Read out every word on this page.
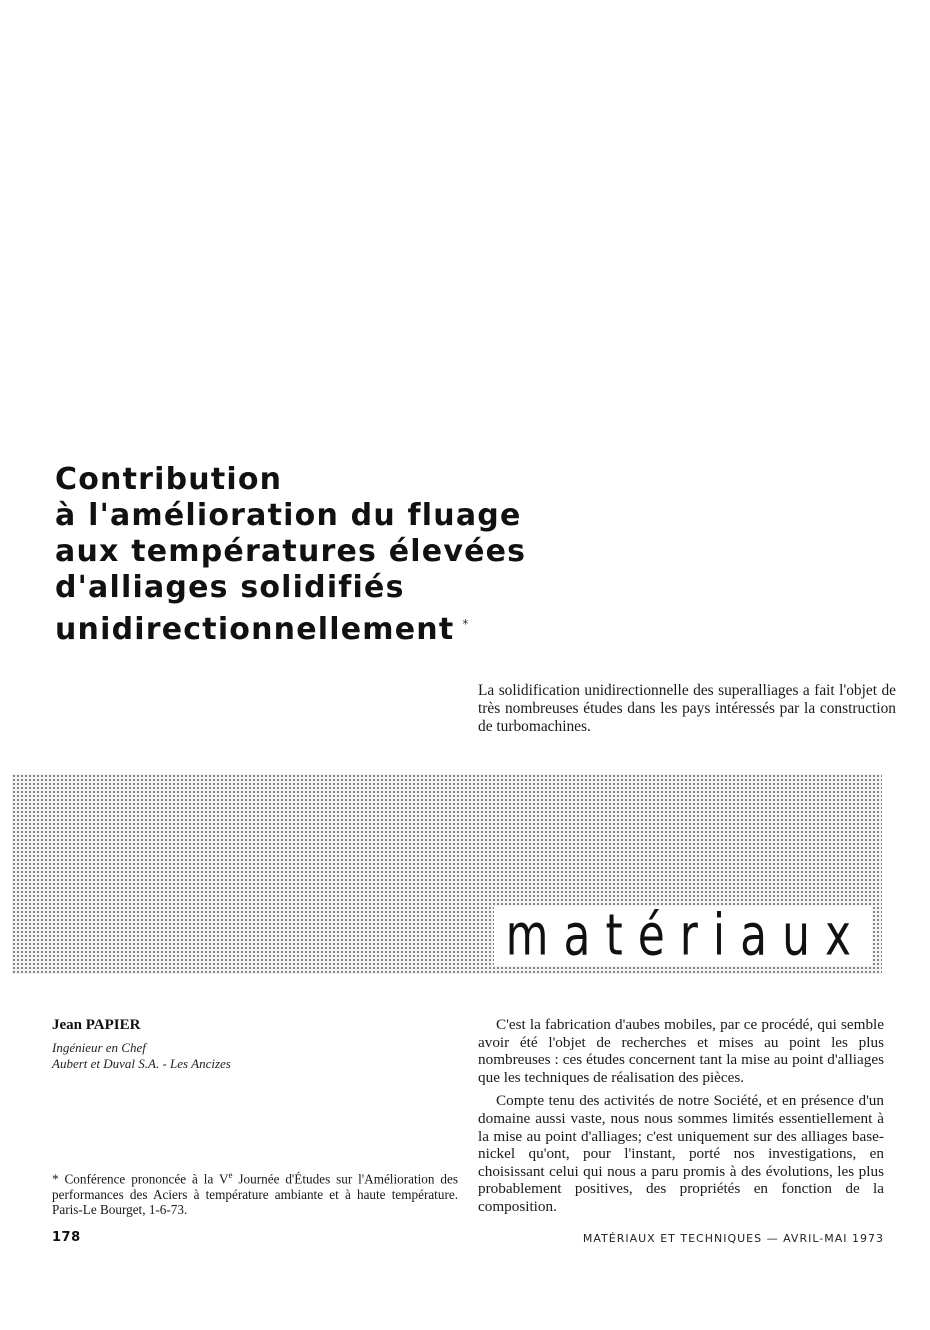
Contribution
à l'amélioration du fluage
aux températures élevées
d'alliages solidifiés
unidirectionnellement *
La solidification unidirectionnelle des superalliages a fait l'objet de très nombreuses études dans les pays intéressés par la construction de turbomachines.
matériaux
Jean PAPIER
Ingénieur en Chef
Aubert et Duval S.A. - Les Ancizes
* Conférence prononcée à la Ve Journée d'Études sur l'Amélioration des performances des Aciers à température ambiante et à haute température. Paris-Le Bourget, 1-6-73.

C'est la fabrication d'aubes mobiles, par ce procédé, qui semble avoir été l'objet de recherches et mises au point les plus nombreuses : ces études concernent tant la mise au point d'alliages que les techniques de réalisation des pièces.

Compte tenu des activités de notre Société, et en présence d'un domaine aussi vaste, nous nous sommes limités essentiellement à la mise au point d'alliages; c'est uniquement sur des alliages base-nickel qu'ont, pour l'instant, porté nos investigations, en choisissant celui qui nous a paru promis à des évolutions, les plus probablement positives, des propriétés en fonction de la composition.

178	MATÉRIAUX ET TECHNIQUES — AVRIL-MAI 1973
